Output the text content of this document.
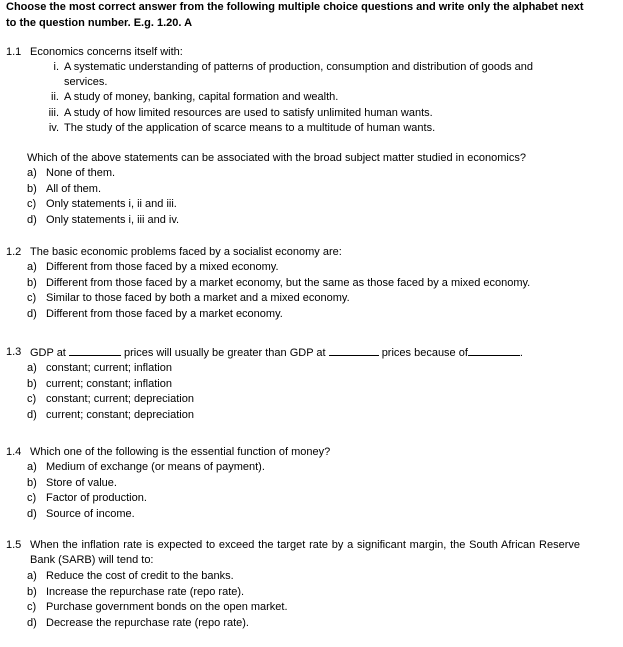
Choose the most correct answer from the following multiple choice questions and write only the alphabet next to the question number. E.g. 1.20. A

1.1 Economics concerns itself with:
i. A systematic understanding of patterns of production, consumption and distribution of goods and services.
ii. A study of money, banking, capital formation and wealth.
iii. A study of how limited resources are used to satisfy unlimited human wants.
iv. The study of the application of scarce means to a multitude of human wants.
Which of the above statements can be associated with the broad subject matter studied in economics?
a) None of them.
b) All of them.
c) Only statements i, ii and iii.
d) Only statements i, iii and iv.
1.2 The basic economic problems faced by a socialist economy are:
a) Different from those faced by a mixed economy.
b) Different from those faced by a market economy, but the same as those faced by a mixed economy.
c) Similar to those faced by both a market and a mixed economy.
d) Different from those faced by a market economy.
1.3 GDP at	prices will usually be greater than GDP at	prices because of	.
a) constant; current; inflation
b) current; constant; inflation
c) constant; current; depreciation
d) current; constant; depreciation
1.4 Which one of the following is the essential function of money?
a) Medium of exchange (or means of payment).
b) Store of value.
c) Factor of production.
d) Source of income.
1.5 When the inflation rate is expected to exceed the target rate by a significant margin, the South African Reserve Bank (SARB) will tend to:
a) Reduce the cost of credit to the banks.
b) Increase the repurchase rate (repo rate).
c) Purchase government bonds on the open market.
d) Decrease the repurchase rate (repo rate).
